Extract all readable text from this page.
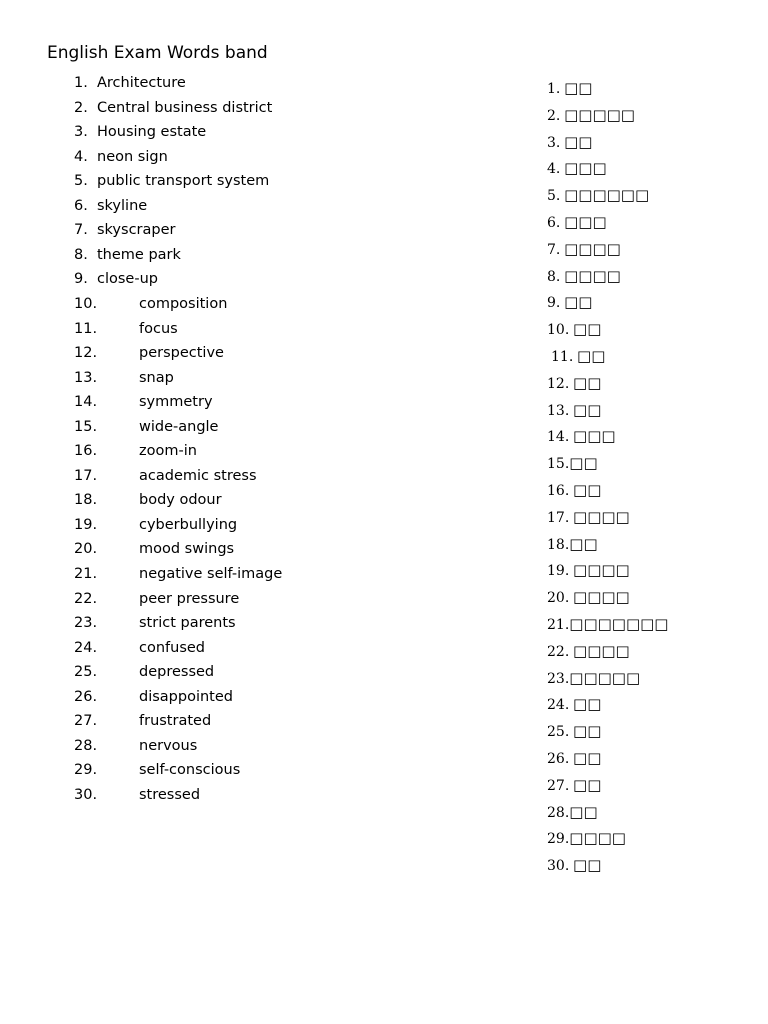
English Exam Words band
1. Architecture
2. Central business district
3. Housing estate
4. neon sign
5. public transport system
6. skyline
7. skyscraper
8. theme park
9. close-up
10.	composition
11.	focus
12.	perspective
13.	snap
14.	symmetry
15.	wide-angle
16.	zoom-in
17.	academic stress
18.	body odour
19.	cyberbullying
20.	mood swings
21.	negative self-image
22.	peer pressure
23.	strict parents
24.	confused
25.	depressed
26.	disappointed
27.	frustrated
28.	nervous
29.	self-conscious
30.	stressed
1. □□
2. □□□□□
3. □□
4. □□□
5. □□□□□□
6. □□□
7. □□□□
8. □□□□
9. □□
10. □□
11. □□
12. □□
13. □□
14. □□□
15.□□
16. □□
17. □□□□
18.□□
19. □□□□
20. □□□□
21.□□□□□□□
22. □□□□
23.□□□□□
24. □□
25. □□
26. □□
27. □□
28.□□
29.□□□□
30. □□
